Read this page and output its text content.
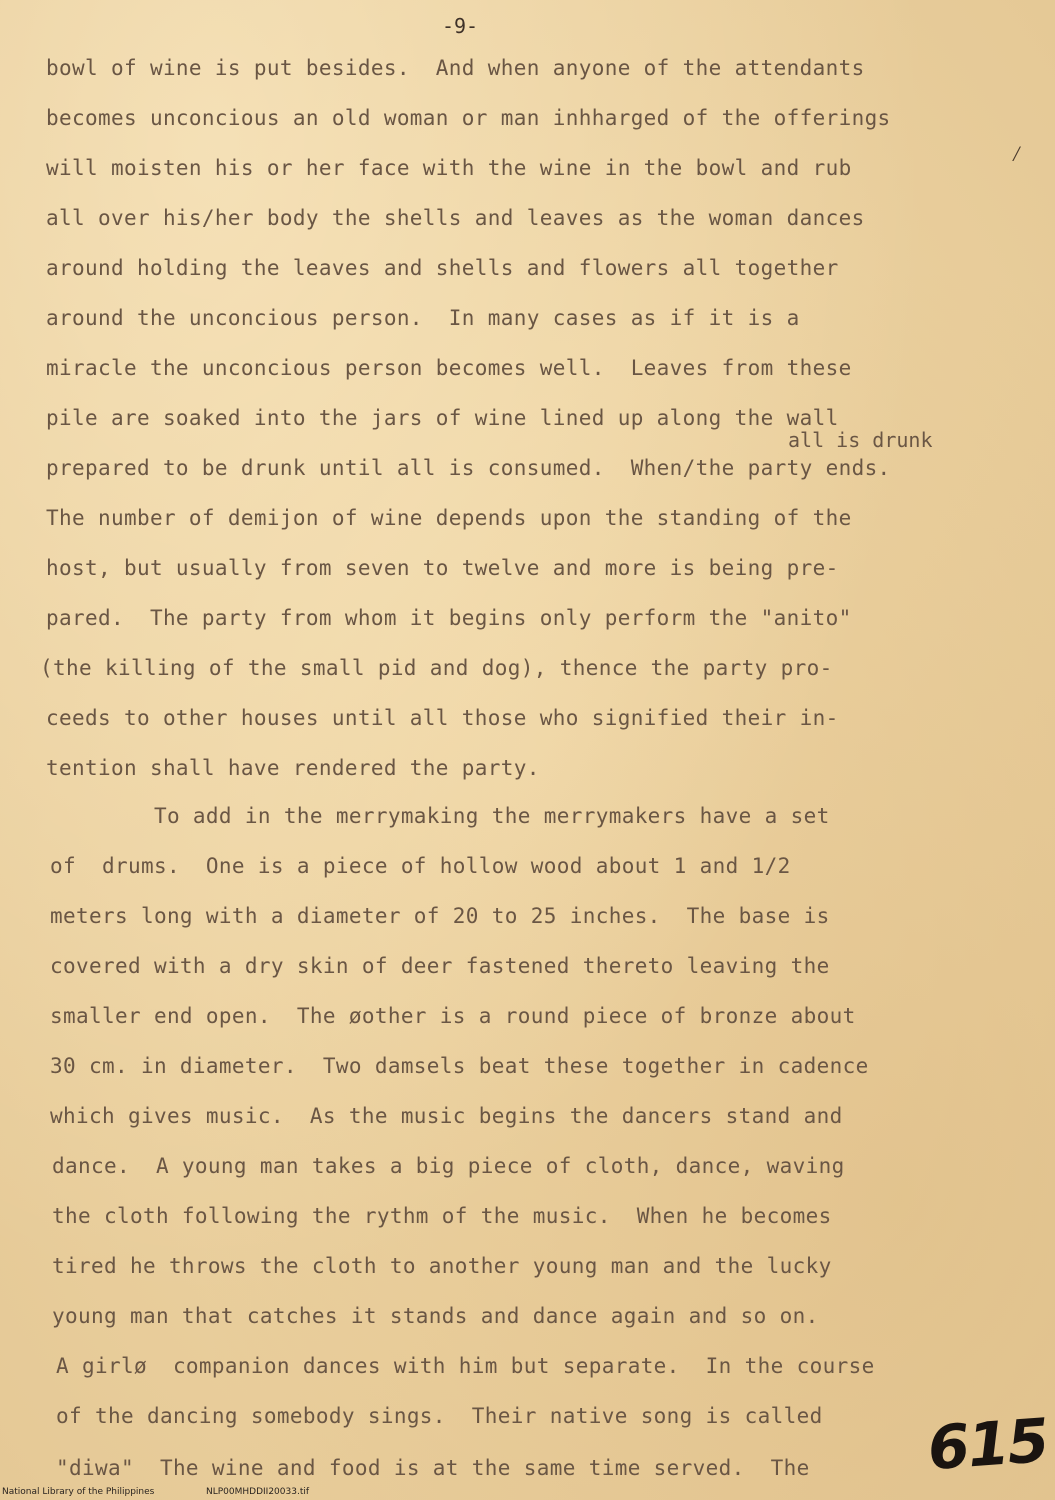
-9-
bowl of wine is put besides.  And when anyone of the attendants
becomes unconcious an old woman or man inhharged of the offerings
will moisten his or her face with the wine in the bowl and rub
all over his/her body the shells and leaves as the woman dances
around holding the leaves and shells and flowers all together
around the unconcious person.  In many cases as if it is a
miracle the unconcious person becomes well.  Leaves from these
pile are soaked into the jars of wine lined up along the wall
all is drunk
prepared to be drunk until all is consumed.  When/the party ends.
The number of demijon of wine depends upon the standing of the
host, but usually from seven to twelve and more is being pre-
pared.  The party from whom it begins only perform the "anito"
(the killing of the small pid and dog), thence the party pro-
ceeds to other houses until all those who signified their in-
tention shall have rendered the party.
To add in the merrymaking the merrymakers have a set
of  drums.  One is a piece of hollow wood about 1 and 1/2
meters long with a diameter of 20 to 25 inches.  The base is
covered with a dry skin of deer fastened thereto leaving the
smaller end open.  The øother is a round piece of bronze about
30 cm. in diameter.  Two damsels beat these together in cadence
which gives music.  As the music begins the dancers stand and
dance.  A young man takes a big piece of cloth, dance, waving
the cloth following the rythm of the music.  When he becomes
tired he throws the cloth to another young man and the lucky
young man that catches it stands and dance again and so on.
A girlø  companion dances with him but separate.  In the course
of the dancing somebody sings.  Their native song is called
"diwa"  The wine and food is at the same time served.  The
⁄
615
National Library of the Philippines	NLP00MHDDII20033.tif
